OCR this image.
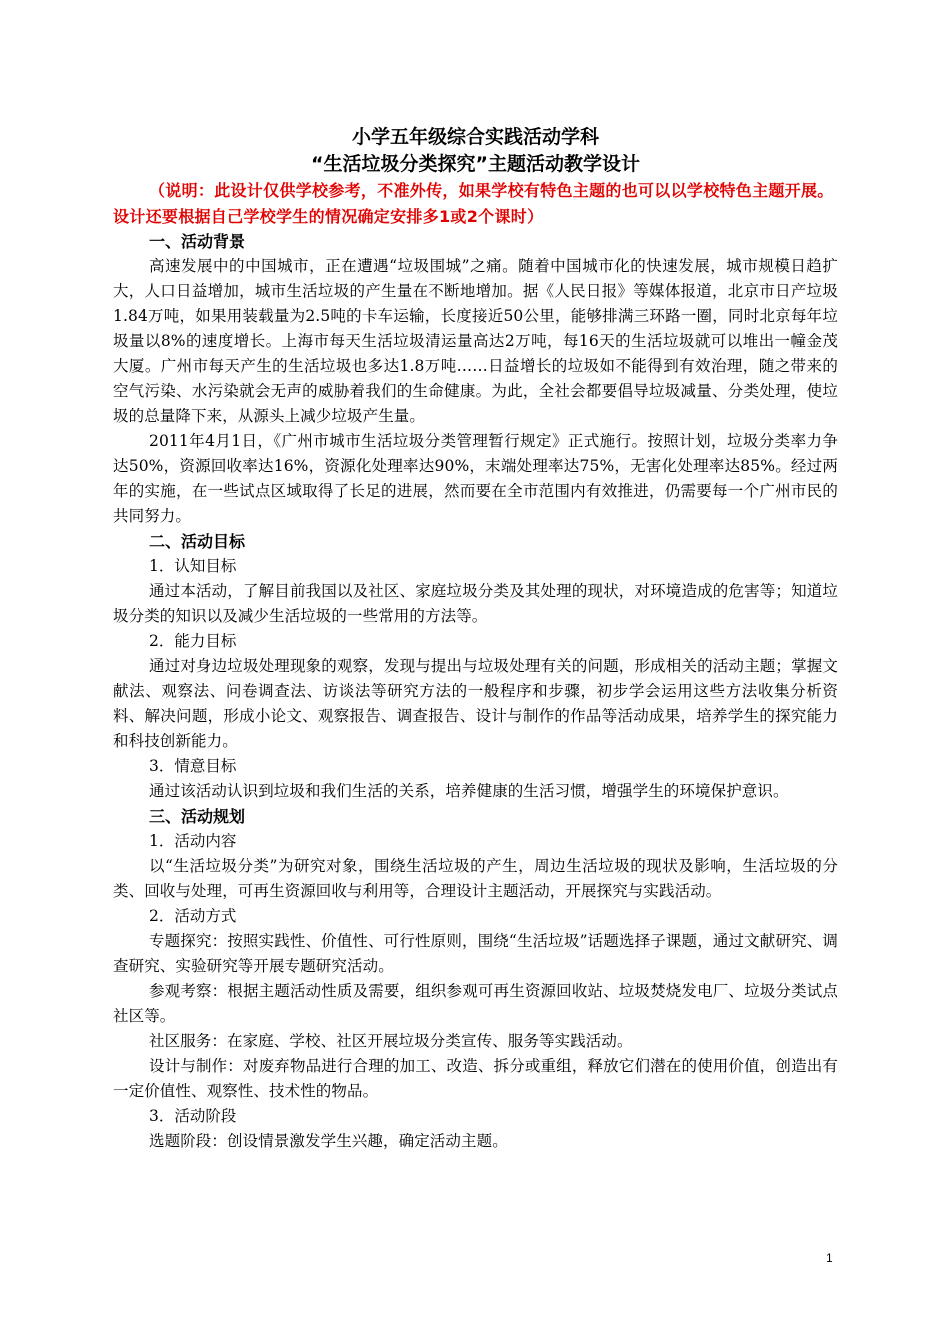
小学五年级综合实践活动学科
“生活垃圾分类探究”主题活动教学设计
（说明：此设计仅供学校参考，不准外传，如果学校有特色主题的也可以以学校特色主题开展。设计还要根据自己学校学生的情况确定安排多1或2个课时）
一、活动背景
高速发展中的中国城市，正在遭遇“垃圾围城”之痛。随着中国城市化的快速发展，城市规模日趋扩大，人口日益增加，城市生活垃圾的产生量在不断地增加。据《人民日报》等媒体报道，北京市日产垃圾1.84万吨，如果用装载量为2.5吨的卡车运输，长度接近50公里，能够排满三环路一圈，同时北京每年垃圾量以8%的速度增长。上海市每天生活垃圾清运量高达2万吨，每16天的生活垃圾就可以堆出一幢金茂大厦。广州市每天产生的生活垃圾也多达1.8万吨……日益增长的垃圾如不能得到有效治理，随之带来的空气污染、水污染就会无声的威胁着我们的生命健康。为此，全社会都要倡导垃圾减量、分类处理，使垃圾的总量降下来，从源头上减少垃圾产生量。
2011年4月1日，《广州市城市生活垃圾分类管理暂行规定》正式施行。按照计划，垃圾分类率力争达50%，资源回收率达16%，资源化处理率达90%，末端处理率达75%，无害化处理率达85%。经过两年的实施，在一些试点区域取得了长足的进展，然而要在全市范围内有效推进，仍需要每一个广州市民的共同努力。
二、活动目标
1．认知目标
通过本活动，了解目前我国以及社区、家庭垃圾分类及其处理的现状，对环境造成的危害等；知道垃圾分类的知识以及减少生活垃圾的一些常用的方法等。
2．能力目标
通过对身边垃圾处理现象的观察，发现与提出与垃圾处理有关的问题，形成相关的活动主题；掌握文献法、观察法、问卷调查法、访谈法等研究方法的一般程序和步骤，初步学会运用这些方法收集分析资料、解决问题，形成小论文、观察报告、调查报告、设计与制作的作品等活动成果，培养学生的探究能力和科技创新能力。
3．情意目标
通过该活动认识到垃圾和我们生活的关系，培养健康的生活习惯，增强学生的环境保护意识。
三、活动规划
1．活动内容
以“生活垃圾分类”为研究对象，围绕生活垃圾的产生，周边生活垃圾的现状及影响，生活垃圾的分类、回收与处理，可再生资源回收与利用等，合理设计主题活动，开展探究与实践活动。
2．活动方式
专题探究：按照实践性、价值性、可行性原则，围绕“生活垃圾”话题选择子课题，通过文献研究、调查研究、实验研究等开展专题研究活动。
参观考察：根据主题活动性质及需要，组织参观可再生资源回收站、垃圾焚烧发电厂、垃圾分类试点社区等。
社区服务：在家庭、学校、社区开展垃圾分类宣传、服务等实践活动。
设计与制作：对废弃物品进行合理的加工、改造、拆分或重组，释放它们潜在的使用价值，创造出有一定价值性、观察性、技术性的物品。
3．活动阶段
选题阶段：创设情景激发学生兴趣，确定活动主题。
1
